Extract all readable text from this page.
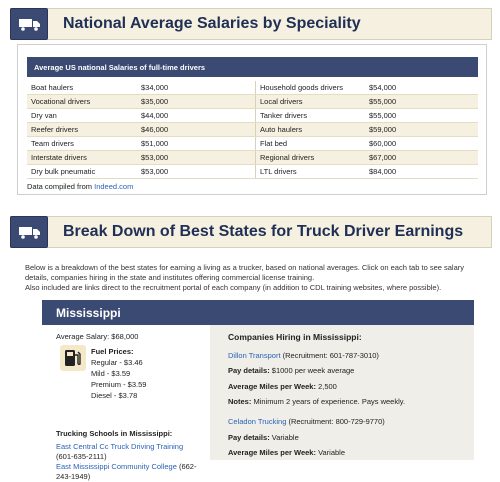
National Average Salaries by Speciality
Average US national Salaries of full-time drivers
Boat haulers	$34,000	Household goods drivers	$54,000
Vocational drivers	$35,000	Local drivers	$55,000
Dry van	$44,000	Tanker drivers	$55,000
Reefer drivers	$46,000	Auto haulers	$59,000
Team drivers	$51,000	Flat bed	$60,000
Interstate drivers	$53,000	Regional drivers	$67,000
Dry bulk pneumatic	$53,000	LTL drivers	$84,000
Data compiled from Indeed.com
Break Down of Best States for Truck Driver Earnings
Below is a breakdown of the best states for earning a living as a trucker, based on national averages. Click on each tab to see salary details, companies hiring in the state and institutes offering commercial license training.
Also included are links direct to the recruitment portal of each company (in addition to CDL training websites, where possible).
Mississippi
Average Salary: $68,000
Fuel Prices:
Regular - $3.46
Mild - $3.59
Premium - $3.59
Diesel - $3.78
Trucking Schools in Mississippi:
East Central Cc Truck Driving Training
(601-635-2111)
East Mississippi Community College (662-
243-1949)
Companies Hiring in Mississippi:
Dillon Transport (Recruitment: 601-787-3010)
Pay details: $1000 per week average
Average Miles per Week: 2,500
Notes: Minimum 2 years of experience. Pays weekly.
Celadon Trucking (Recruitment: 800-729-9770)
Pay details: Variable
Average Miles per Week: Variable
